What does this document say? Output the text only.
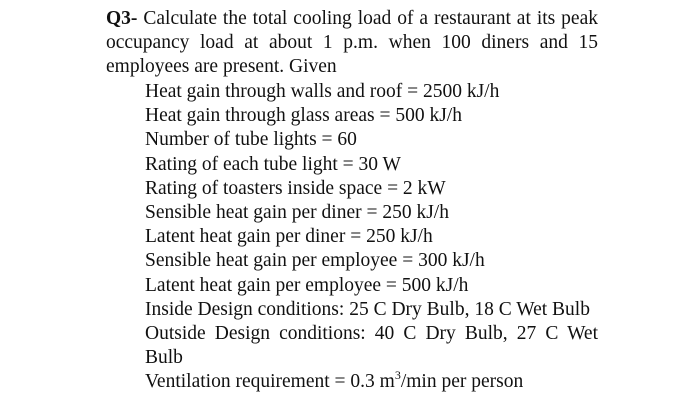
Q3- Calculate the total cooling load of a restaurant at its peak occupancy load at about 1 p.m. when 100 diners and 15 employees are present. Given
Heat gain through walls and roof = 2500 kJ/h
Heat gain through glass areas = 500 kJ/h
Number of tube lights = 60
Rating of each tube light = 30 W
Rating of toasters inside space = 2 kW
Sensible heat gain per diner = 250 kJ/h
Latent heat gain per diner = 250 kJ/h
Sensible heat gain per employee = 300 kJ/h
Latent heat gain per employee = 500 kJ/h
Inside Design conditions: 25 C Dry Bulb, 18 C Wet Bulb
Outside Design conditions: 40 C Dry Bulb, 27 C Wet Bulb
Ventilation requirement = 0.3 $m^3/\min$ per person
